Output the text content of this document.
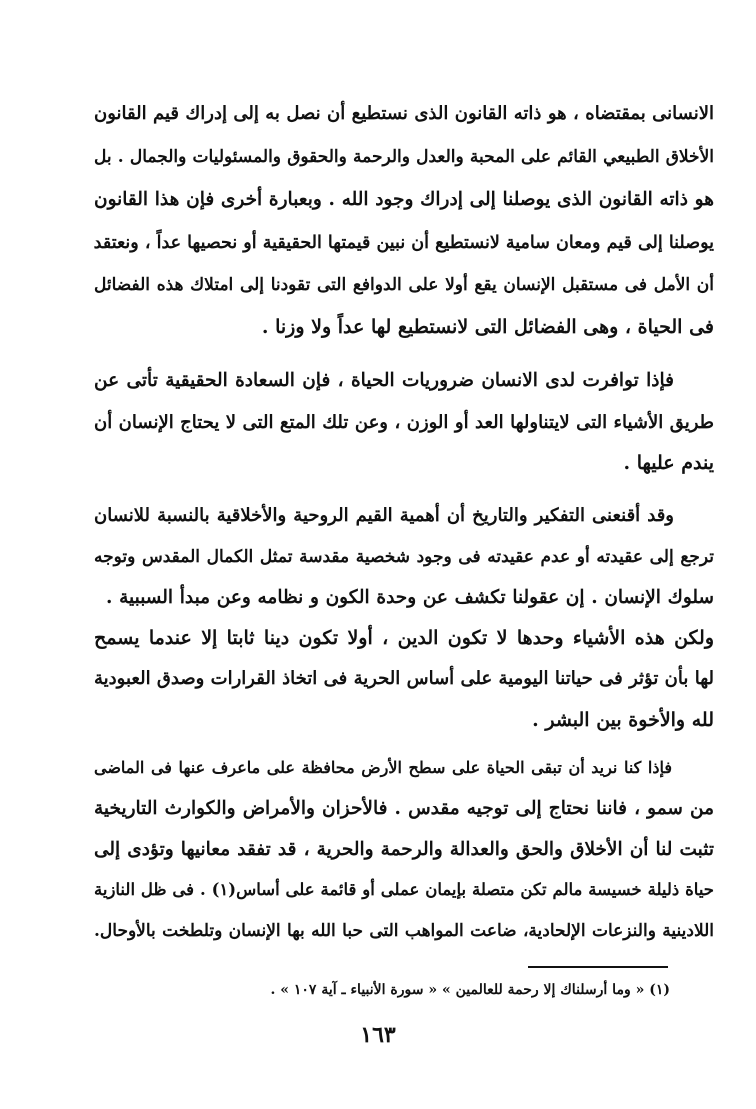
الانسانى بمقتضاه ، هو ذاته القانون الذى نستطيع أن نصل به إلى إدراك قيم القانون
الأخلاق الطبيعي القائم على المحبة والعدل والرحمة والحقوق والمسئوليات والجمال . بل
هو ذاته القانون الذى يوصلنا إلى إدراك وجود الله . وبعبارة أخرى فإن هذا القانون
يوصلنا إلى قيم ومعان سامية لانستطيع أن نبين قيمتها الحقيقية أو نحصيها عداً ، ونعتقد
أن الأمل فى مستقبل الإنسان يقع أولا على الدوافع التى تقودنا إلى امتلاك هذه الفضائل
فى الحياة ، وهى الفضائل التى لانستطيع لها عداً ولا وزنا .
فإذا توافرت لدى الانسان ضروريات الحياة ، فإن السعادة الحقيقية تأتى عن
طريق الأشياء التى لايتناولها العد أو الوزن ، وعن تلك المتع التى لا يحتاج الإنسان أن
يندم عليها .
وقد أقنعنى التفكير والتاريخ أن أهمية القيم الروحية والأخلاقية بالنسبة للانسان
ترجع إلى عقيدته أو عدم عقيدته فى وجود شخصية مقدسة تمثل الكمال المقدس وتوجه
سلوك الإنسان . إن عقولنا تكشف عن وحدة الكون و نظامه وعن مبدأ السببية .
ولكن هذه الأشياء وحدها لا تكون الدين ، أولا تكون دينا ثابتا إلا عندما يسمح
لها بأن تؤثر فى حياتنا اليومية على أساس الحرية فى اتخاذ القرارات وصدق العبودية
لله والأخوة بين البشر .
فإذا كنا نريد أن تبقى الحياة على سطح الأرض محافظة على ماعرف عنها فى الماضى
من سمو ، فاننا نحتاج إلى توجيه مقدس . فالأحزان والأمراض والكوارث التاريخية
تثبت لنا أن الأخلاق والحق والعدالة والرحمة والحرية ، قد تفقد معانيها وتؤدى إلى
حياة ذليلة خسيسة مالم تكن متصلة بإيمان عملى أو قائمة على أساس(١) . فى ظل النازية
اللادينية والنزعات الإلحادية، ضاعت المواهب التى حبا الله بها الإنسان وتلطخت بالأوحال.
(١) « وما أرسلناك إلا رحمة للعالمين » « سورة الأنبياء ـ آية ١٠٧ » .
١٦٣
